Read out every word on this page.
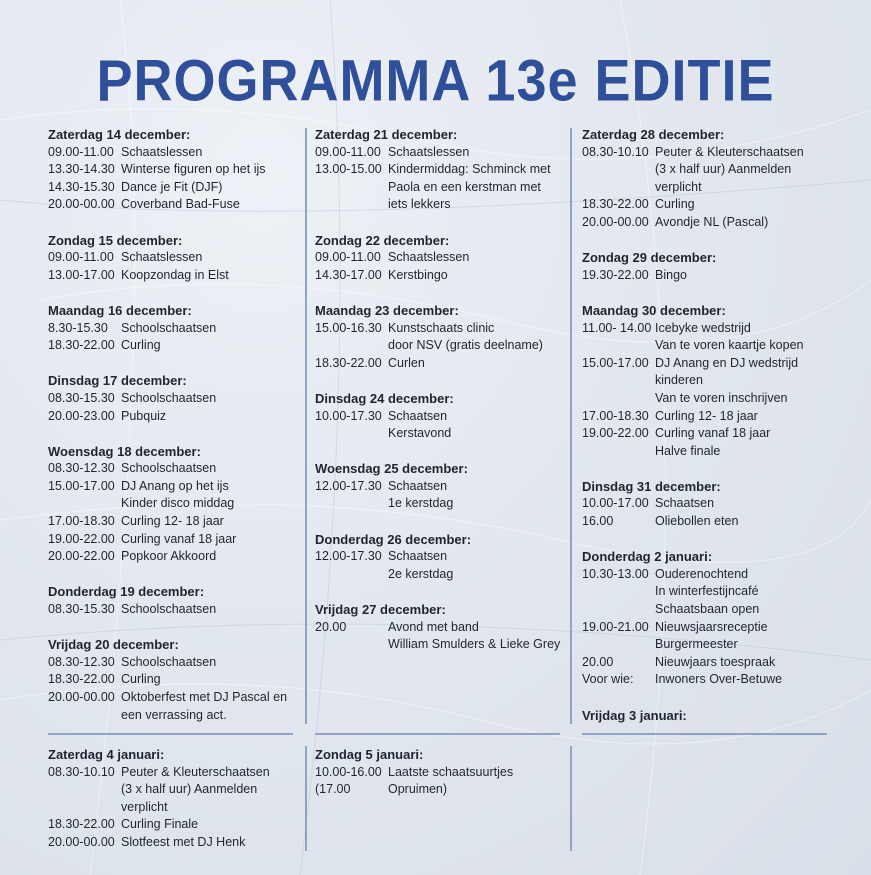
PROGRAMMA 13e EDITIE
Zaterdag 14 december:
09.00-11.00 Schaatslessen
13.30-14.30 Winterse figuren op het ijs
14.30-15.30 Dance je Fit (DJF)
20.00-00.00 Coverband Bad-Fuse
Zondag 15 december:
09.00-11.00 Schaatslessen
13.00-17.00 Koopzondag in Elst
Maandag 16 december:
8.30-15.30	Schoolschaatsen
18.30-22.00 Curling
Dinsdag 17 december:
08.30-15.30 Schoolschaatsen
20.00-23.00 Pubquiz
Woensdag 18 december:
08.30-12.30 Schoolschaatsen
15.00-17.00 DJ Anang op het ijs
Kinder disco middag
17.00-18.30 Curling 12- 18 jaar
19.00-22.00 Curling vanaf 18 jaar
20.00-22.00 Popkoor Akkoord
Donderdag 19 december:
08.30-15.30 Schoolschaatsen
Vrijdag 20 december:
08.30-12.30 Schoolschaatsen
18.30-22.00 Curling
20.00-00.00 Oktoberfest met DJ Pascal en
een verrassing act.
Zaterdag 21 december:
09.00-11.00 Schaatslessen
13.00-15.00 Kindermiddag: Schminck met
Paola en een kerstman met
iets lekkers
Zondag 22 december:
09.00-11.00 Schaatslessen
14.30-17.00 Kerstbingo
Maandag 23 december:
15.00-16.30 Kunstschaats clinic
door NSV (gratis deelname)
18.30-22.00 Curlen
Dinsdag 24 december:
10.00-17.30 Schaatsen
Kerstavond
Woensdag 25 december:
12.00-17.30 Schaatsen
1e kerstdag
Donderdag 26 december:
12.00-17.30 Schaatsen
2e kerstdag
Vrijdag 27 december:
20.00	Avond met band
William Smulders & Lieke Grey
Zaterdag 28 december:
08.30-10.10 Peuter & Kleuterschaatsen
(3 x half uur) Aanmelden
verplicht
18.30-22.00 Curling
20.00-00.00 Avondje NL (Pascal)
Zondag 29 december:
19.30-22.00 Bingo
Maandag 30 december:
11.00- 14.00 Icebyke wedstrijd
Van te voren kaartje kopen
15.00-17.00 DJ Anang en DJ wedstrijd
kinderen
Van te voren inschrijven
17.00-18.30 Curling 12- 18 jaar
19.00-22.00 Curling vanaf 18 jaar
Halve finale
Dinsdag 31 december:
10.00-17.00 Schaatsen
16.00	Oliebollen eten
Donderdag 2 januari:
10.30-13.00 Ouderenochtend
In winterfestijncafé
Schaatsbaan open
19.00-21.00 Nieuwsjaarsreceptie
Burgermeester
20.00	Nieuwjaars toespraak
Voor wie:	Inwoners Over-Betuwe
Vrijdag 3 januari:
Zaterdag 4 januari:
08.30-10.10 Peuter & Kleuterschaatsen
(3 x half uur) Aanmelden
verplicht
18.30-22.00 Curling Finale
20.00-00.00 Slotfeest met DJ Henk
Zondag 5 januari:
10.00-16.00 Laatste schaatsuurtjes
(17.00	Opruimen)
